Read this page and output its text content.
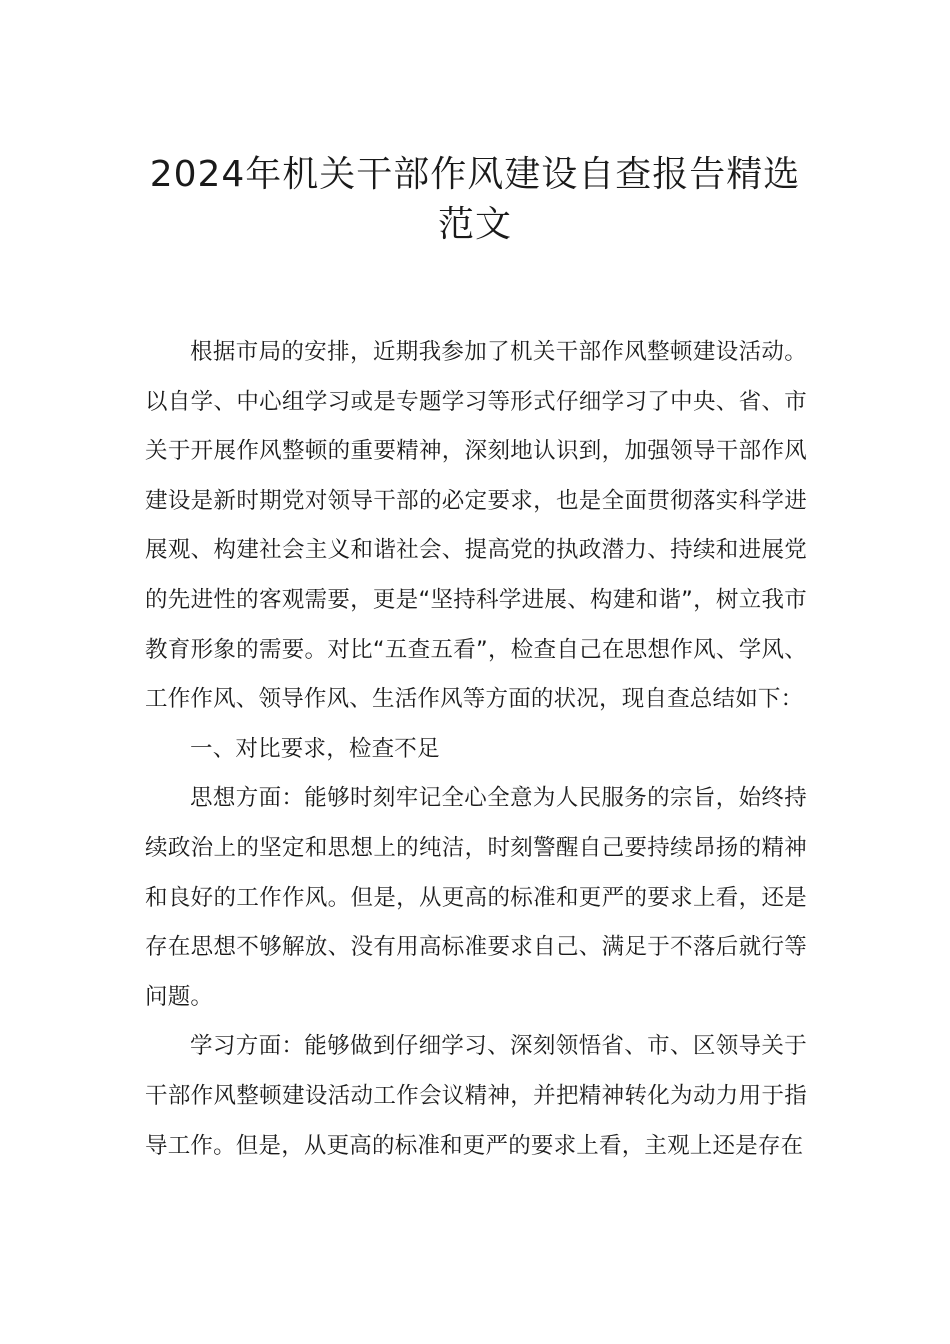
2024年机关干部作风建设自查报告精选
范文

根据市局的安排，近期我参加了机关干部作风整顿建设活动。以自学、中心组学习或是专题学习等形式仔细学习了中央、省、市关于开展作风整顿的重要精神，深刻地认识到，加强领导干部作风建设是新时期党对领导干部的必定要求，也是全面贯彻落实科学进展观、构建社会主义和谐社会、提高党的执政潜力、持续和进展党的先进性的客观需要，更是“坚持科学进展、构建和谐”，树立我市教育形象的需要。对比“五查五看”，检查自己在思想作风、学风、工作作风、领导作风、生活作风等方面的状况，现自查总结如下：

一、对比要求，检查不足

思想方面：能够时刻牢记全心全意为人民服务的宗旨，始终持续政治上的坚定和思想上的纯洁，时刻警醒自己要持续昂扬的精神和良好的工作作风。但是，从更高的标准和更严的要求上看，还是存在思想不够解放、没有用高标准要求自己、满足于不落后就行等问题。

学习方面：能够做到仔细学习、深刻领悟省、市、区领导关于干部作风整顿建设活动工作会议精神，并把精神转化为动力用于指导工作。但是，从更高的标准和更严的要求上看，主观上还是存在
